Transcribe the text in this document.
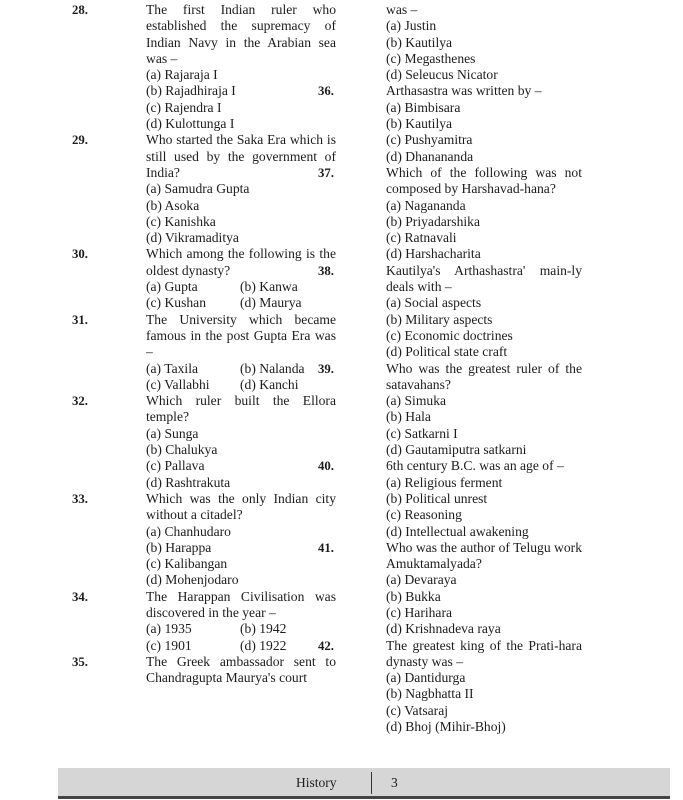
28.	The first Indian ruler who established the supremacy of Indian Navy in the Arabian sea was –
(a) Rajaraja I
(b) Rajadhiraja I
(c) Rajendra I
(d) Kulottunga I
29.	Who started the Saka Era which is still used by the government of India?
(a) Samudra Gupta
(b) Asoka
(c) Kanishka
(d) Vikramaditya
30.	Which among the following is the oldest dynasty?
(a) Gupta	(b) Kanwa
(c) Kushan	(d) Maurya
31.	The University which became famous in the post Gupta Era was –
(a) Taxila	(b) Nalanda
(c) Vallabhi	(d) Kanchi
32.	Which ruler built the Ellora temple?
(a) Sunga
(b) Chalukya
(c) Pallava
(d) Rashtrakuta
33.	Which was the only Indian city without a citadel?
(a) Chanhudaro
(b) Harappa
(c) Kalibangan
(d) Mohenjodaro
34.	The Harappan Civilisation was discovered in the year –
(a) 1935	(b) 1942
(c) 1901	(d) 1922
35.	The Greek ambassador sent to Chandragupta Maurya's court
was –
(a) Justin
(b) Kautilya
(c) Megasthenes
(d) Seleucus Nicator
36.	Arthasastra was written by –
(a) Bimbisara
(b) Kautilya
(c) Pushyamitra
(d) Dhanananda
37.	Which of the following was not composed by Harshavad-hana?
(a) Nagananda
(b) Priyadarshika
(c) Ratnavali
(d) Harshacharita
38.	Kautilya's Arthashastra' main-ly deals with –
(a) Social aspects
(b) Military aspects
(c) Economic doctrines
(d) Political state craft
39.	Who was the greatest ruler of the satavahans?
(a) Simuka
(b) Hala
(c) Satkarni I
(d) Gautamiputra satkarni
40.	6th century B.C. was an age of –
(a) Religious ferment
(b) Political unrest
(c) Reasoning
(d) Intellectual awakening
41.	Who was the author of Telugu work Amuktamalyada?
(a) Devaraya
(b) Bukka
(c) Harihara
(d) Krishnadeva raya
42.	The greatest king of the Prati-hara dynasty was –
(a) Dantidurga
(b) Nagbhatta II
(c) Vatsaraj
(d) Bhoj (Mihir-Bhoj)
History	3
